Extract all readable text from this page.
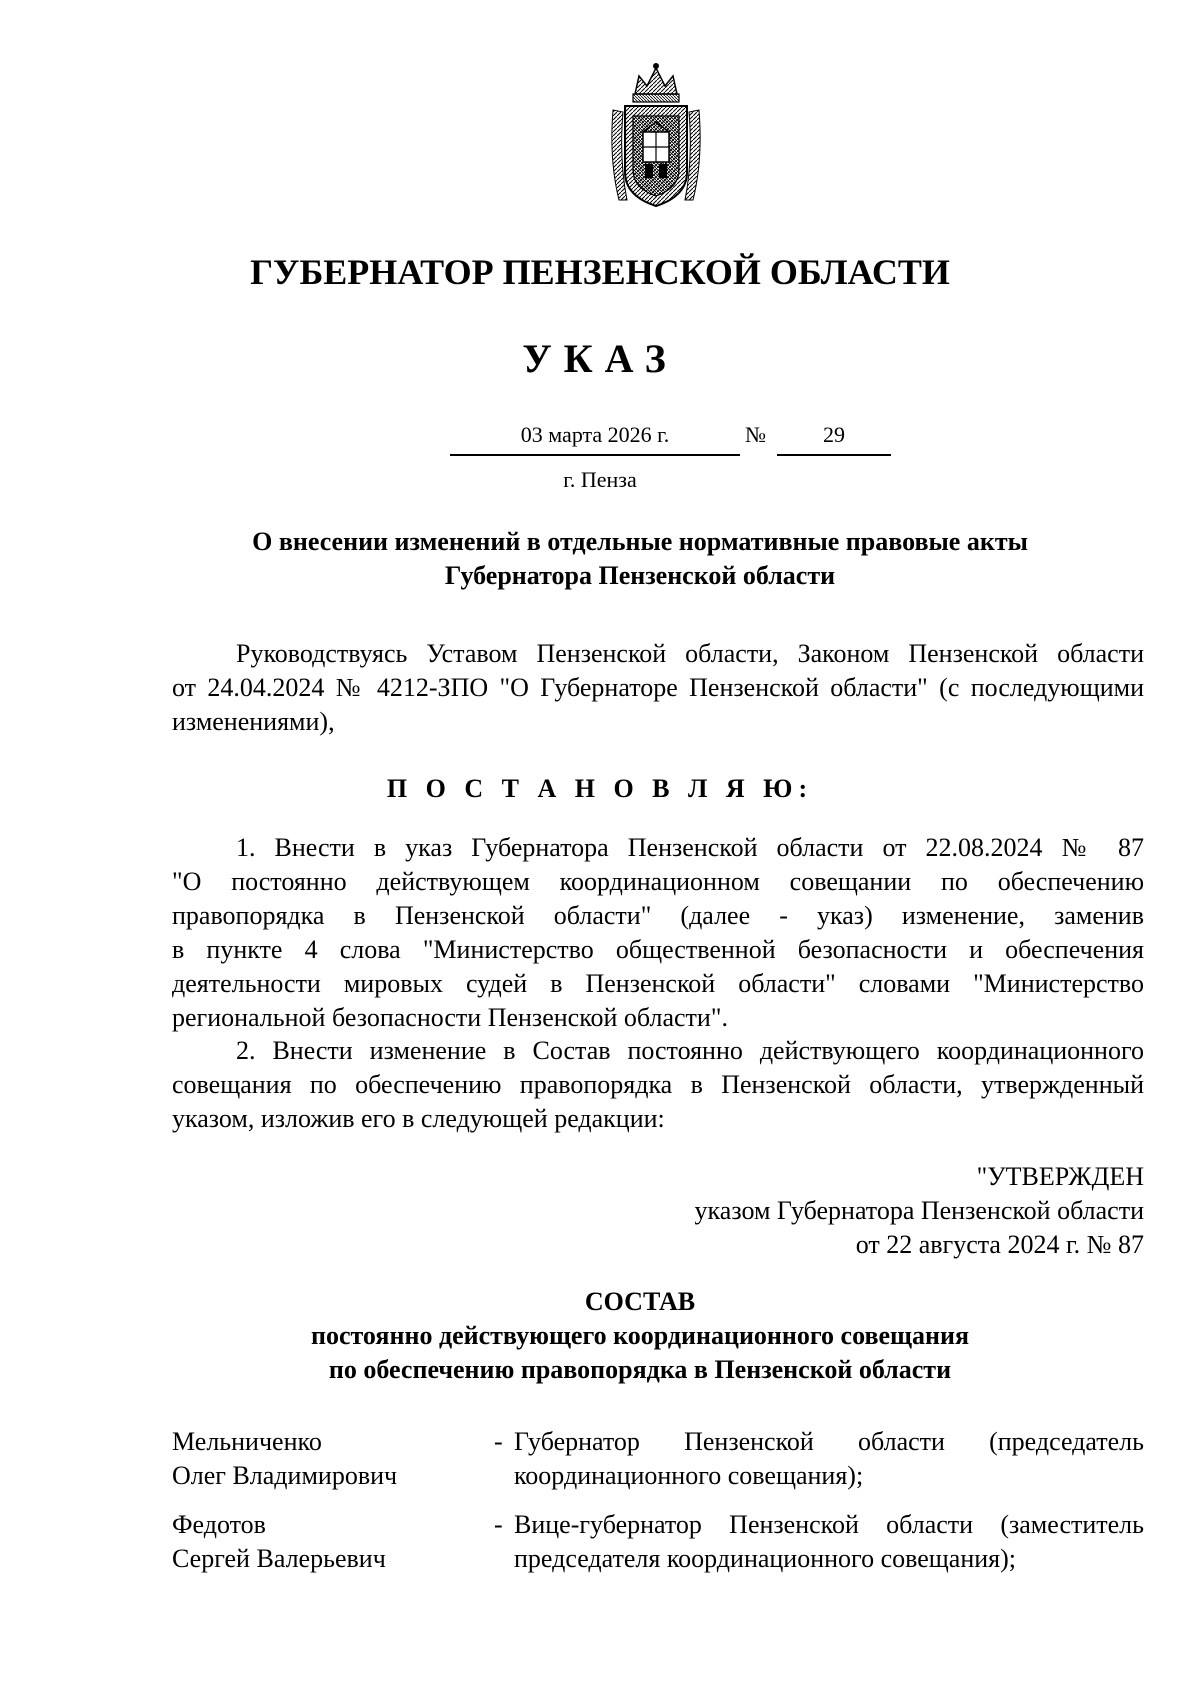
ГУБЕРНАТОР ПЕНЗЕНСКОЙ ОБЛАСТИ
УКАЗ
03 марта 2026 г.	№	29
г. Пенза
О внесении изменений в отдельные нормативные правовые акты
Губернатора Пензенской области
Руководствуясь Уставом Пензенской области, Законом Пензенской области
от 24.04.2024 № 4212-ЗПО "О Губернаторе Пензенской области" (с последующими
изменениями),
П О С Т А Н О В Л Я Ю:
1. Внести в указ Губернатора Пензенской области от 22.08.2024 № 87
"О постоянно действующем координационном совещании по обеспечению
правопорядка в Пензенской области" (далее - указ) изменение, заменив
в пункте 4 слова "Министерство общественной безопасности и обеспечения
деятельности мировых судей в Пензенской области" словами "Министерство
региональной безопасности Пензенской области".
2. Внести изменение в Состав постоянно действующего координационного
совещания по обеспечению правопорядка в Пензенской области, утвержденный
указом, изложив его в следующей редакции:
"УТВЕРЖДЕН
указом Губернатора Пензенской области
от 22 августа 2024 г. № 87
СОСТАВ
постоянно действующего координационного совещания
по обеспечению правопорядка в Пензенской области
Мельниченко
Олег Владимирович
- Губернатор Пензенской области (председатель
координационного совещания);
Федотов
Сергей Валерьевич
- Вице-губернатор Пензенской области (заместитель
председателя координационного совещания);
